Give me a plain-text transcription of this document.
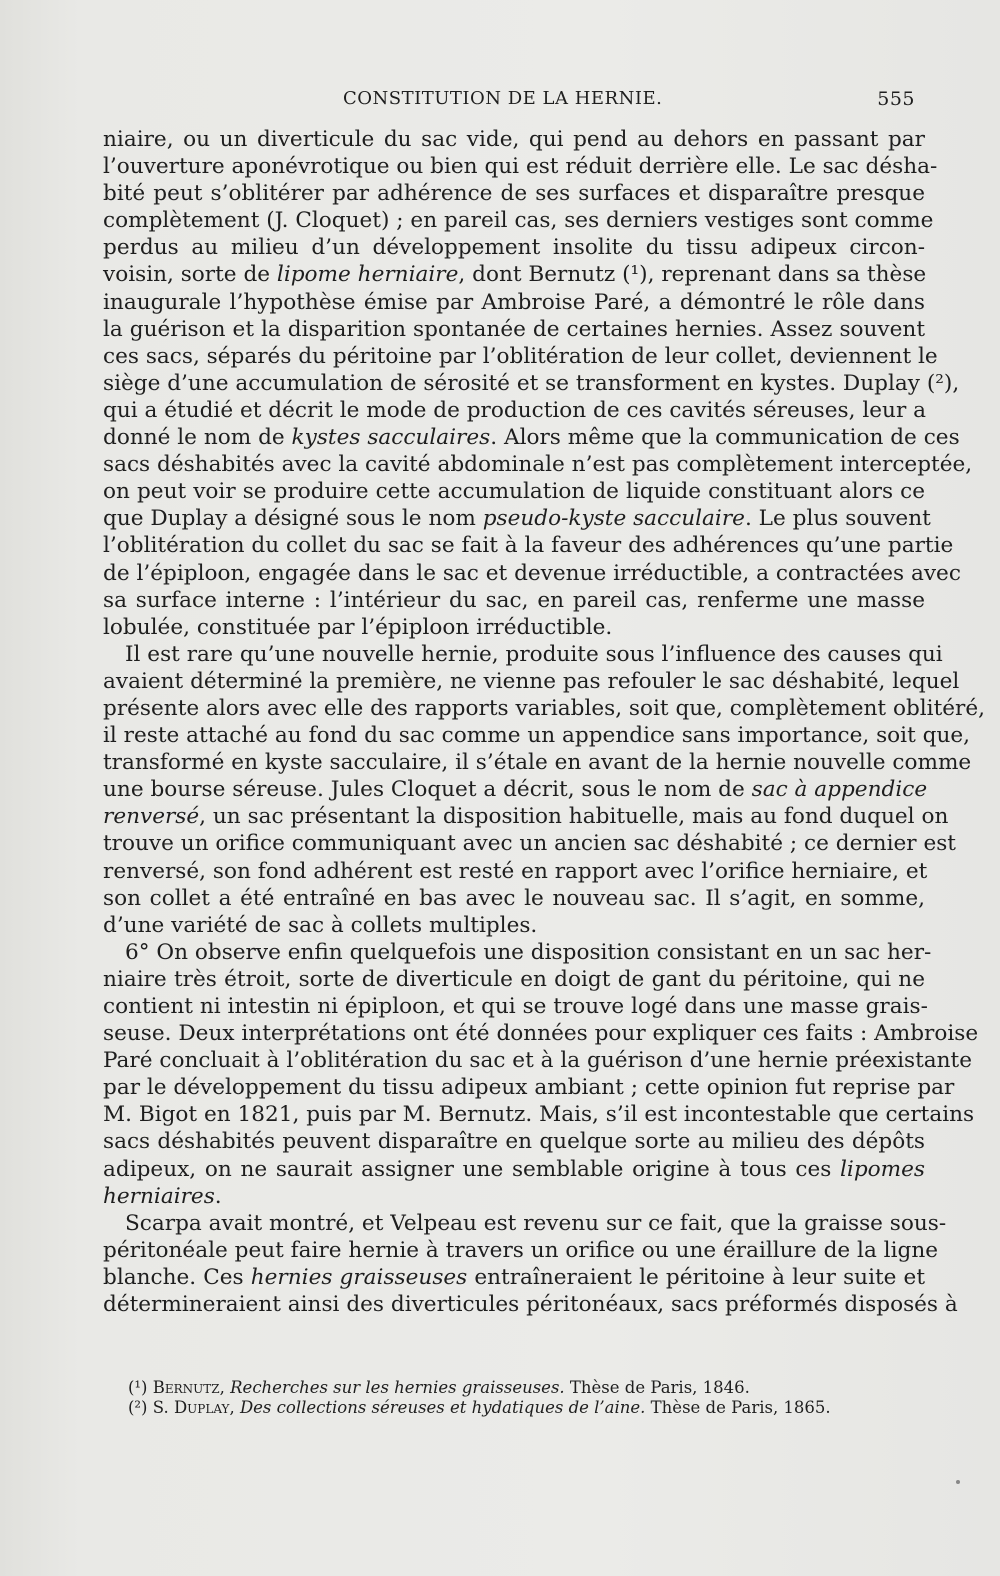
CONSTITUTION DE LA HERNIE.	555
niaire, ou un diverticule du sac vide, qui pend au dehors en passant par
l’ouverture aponévrotique ou bien qui est réduit derrière elle. Le sac désha-
bité peut s’oblitérer par adhérence de ses surfaces et disparaître presque
complètement (J. Cloquet) ; en pareil cas, ses derniers vestiges sont comme
perdus au milieu d’un développement insolite du tissu adipeux circon-
voisin, sorte de lipome herniaire, dont Bernutz (¹), reprenant dans sa thèse
inaugurale l’hypothèse émise par Ambroise Paré, a démontré le rôle dans
la guérison et la disparition spontanée de certaines hernies. Assez souvent
ces sacs, séparés du péritoine par l’oblitération de leur collet, deviennent le
siège d’une accumulation de sérosité et se transforment en kystes. Duplay (²),
qui a étudié et décrit le mode de production de ces cavités séreuses, leur a
donné le nom de kystes sacculaires. Alors même que la communication de ces
sacs déshabités avec la cavité abdominale n’est pas complètement interceptée,
on peut voir se produire cette accumulation de liquide constituant alors ce
que Duplay a désigné sous le nom pseudo-kyste sacculaire. Le plus souvent
l’oblitération du collet du sac se fait à la faveur des adhérences qu’une partie
de l’épiploon, engagée dans le sac et devenue irréductible, a contractées avec
sa surface interne : l’intérieur du sac, en pareil cas, renferme une masse
lobulée, constituée par l’épiploon irréductible.
Il est rare qu’une nouvelle hernie, produite sous l’influence des causes qui
avaient déterminé la première, ne vienne pas refouler le sac déshabité, lequel
présente alors avec elle des rapports variables, soit que, complètement oblitéré,
il reste attaché au fond du sac comme un appendice sans importance, soit que,
transformé en kyste sacculaire, il s’étale en avant de la hernie nouvelle comme
une bourse séreuse. Jules Cloquet a décrit, sous le nom de sac à appendice
renversé, un sac présentant la disposition habituelle, mais au fond duquel on
trouve un orifice communiquant avec un ancien sac déshabité ; ce dernier est
renversé, son fond adhérent est resté en rapport avec l’orifice herniaire, et
son collet a été entraîné en bas avec le nouveau sac. Il s’agit, en somme,
d’une variété de sac à collets multiples.
6° On observe enfin quelquefois une disposition consistant en un sac her-
niaire très étroit, sorte de diverticule en doigt de gant du péritoine, qui ne
contient ni intestin ni épiploon, et qui se trouve logé dans une masse grais-
seuse. Deux interprétations ont été données pour expliquer ces faits : Ambroise
Paré concluait à l’oblitération du sac et à la guérison d’une hernie préexistante
par le développement du tissu adipeux ambiant ; cette opinion fut reprise par
M. Bigot en 1821, puis par M. Bernutz. Mais, s’il est incontestable que certains
sacs déshabités peuvent disparaître en quelque sorte au milieu des dépôts
adipeux, on ne saurait assigner une semblable origine à tous ces lipomes
herniaires.
Scarpa avait montré, et Velpeau est revenu sur ce fait, que la graisse sous-
péritonéale peut faire hernie à travers un orifice ou une éraillure de la ligne
blanche. Ces hernies graisseuses entraîneraient le péritoine à leur suite et
détermineraient ainsi des diverticules péritonéaux, sacs préformés disposés à
(¹) Bernutz, Recherches sur les hernies graisseuses. Thèse de Paris, 1846.
(²) S. Duplay, Des collections séreuses et hydatiques de l’aine. Thèse de Paris, 1865.
